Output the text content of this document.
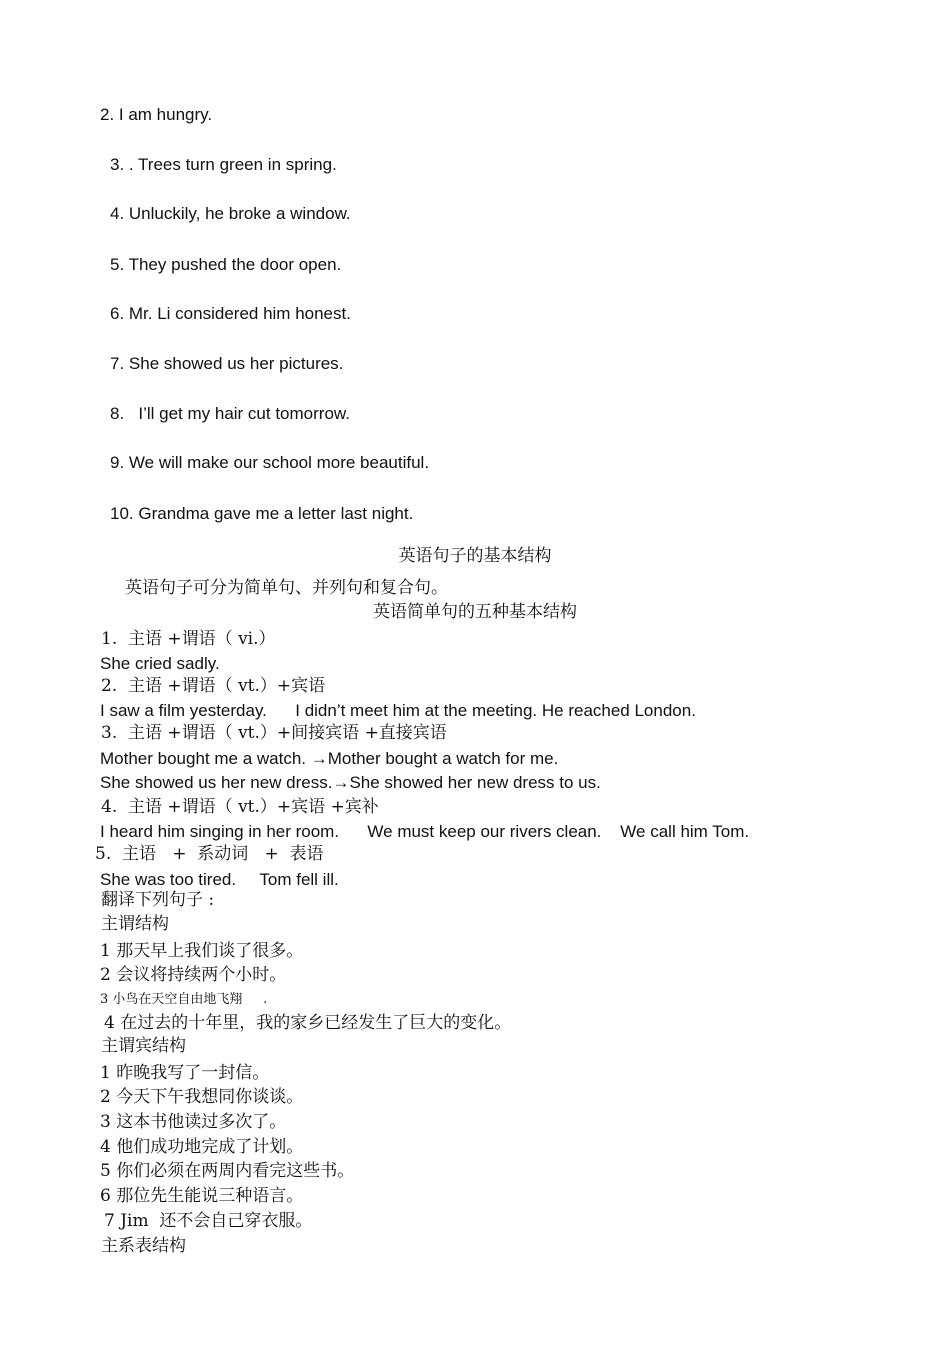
2. I am hungry.
3. . Trees turn green in spring.
4. Unluckily, he broke a window.
5. They pushed the door open.
6. Mr. Li considered him honest.
7. She showed us her pictures.
8.   I’ll get my hair cut tomorrow.
9. We will make our school more beautiful.
10. Grandma gave me a letter last night.
英语句子的基本结构
英语句子可分为简单句、并列句和复合句。
英语简单句的五种基本结构
1.  主语 +谓语（ vi.）
She cried sadly.
2.  主语 +谓语（ vt.）+宾语
I saw a film yesterday.      I didn’t meet him at the meeting. He reached London.
3.  主语 +谓语（ vt.）+间接宾语 +直接宾语
Mother bought me a watch. →Mother bought a watch for me.
She showed us her new dress.→She showed her new dress to us.
4.  主语 +谓语（ vt.）+宾语 +宾补
I heard him singing in her room.      We must keep our rivers clean.    We call him Tom.
5.  主语   +  系动词   +  表语
She was too tired.     Tom fell ill.
翻译下列句子 :
主谓结构
1 那天早上我们谈了很多。
2 会议将持续两个小时。
3 小鸟在天空自由地飞翔     .
4 在过去的十年里，我的家乡已经发生了巨大的变化。
主谓宾结构
1 昨晚我写了一封信。
2 今天下午我想同你谈谈。
3 这本书他读过多次了。
4 他们成功地完成了计划。
5 你们必须在两周内看完这些书。
6 那位先生能说三种语言。
7 Jim  还不会自己穿衣服。
主系表结构
